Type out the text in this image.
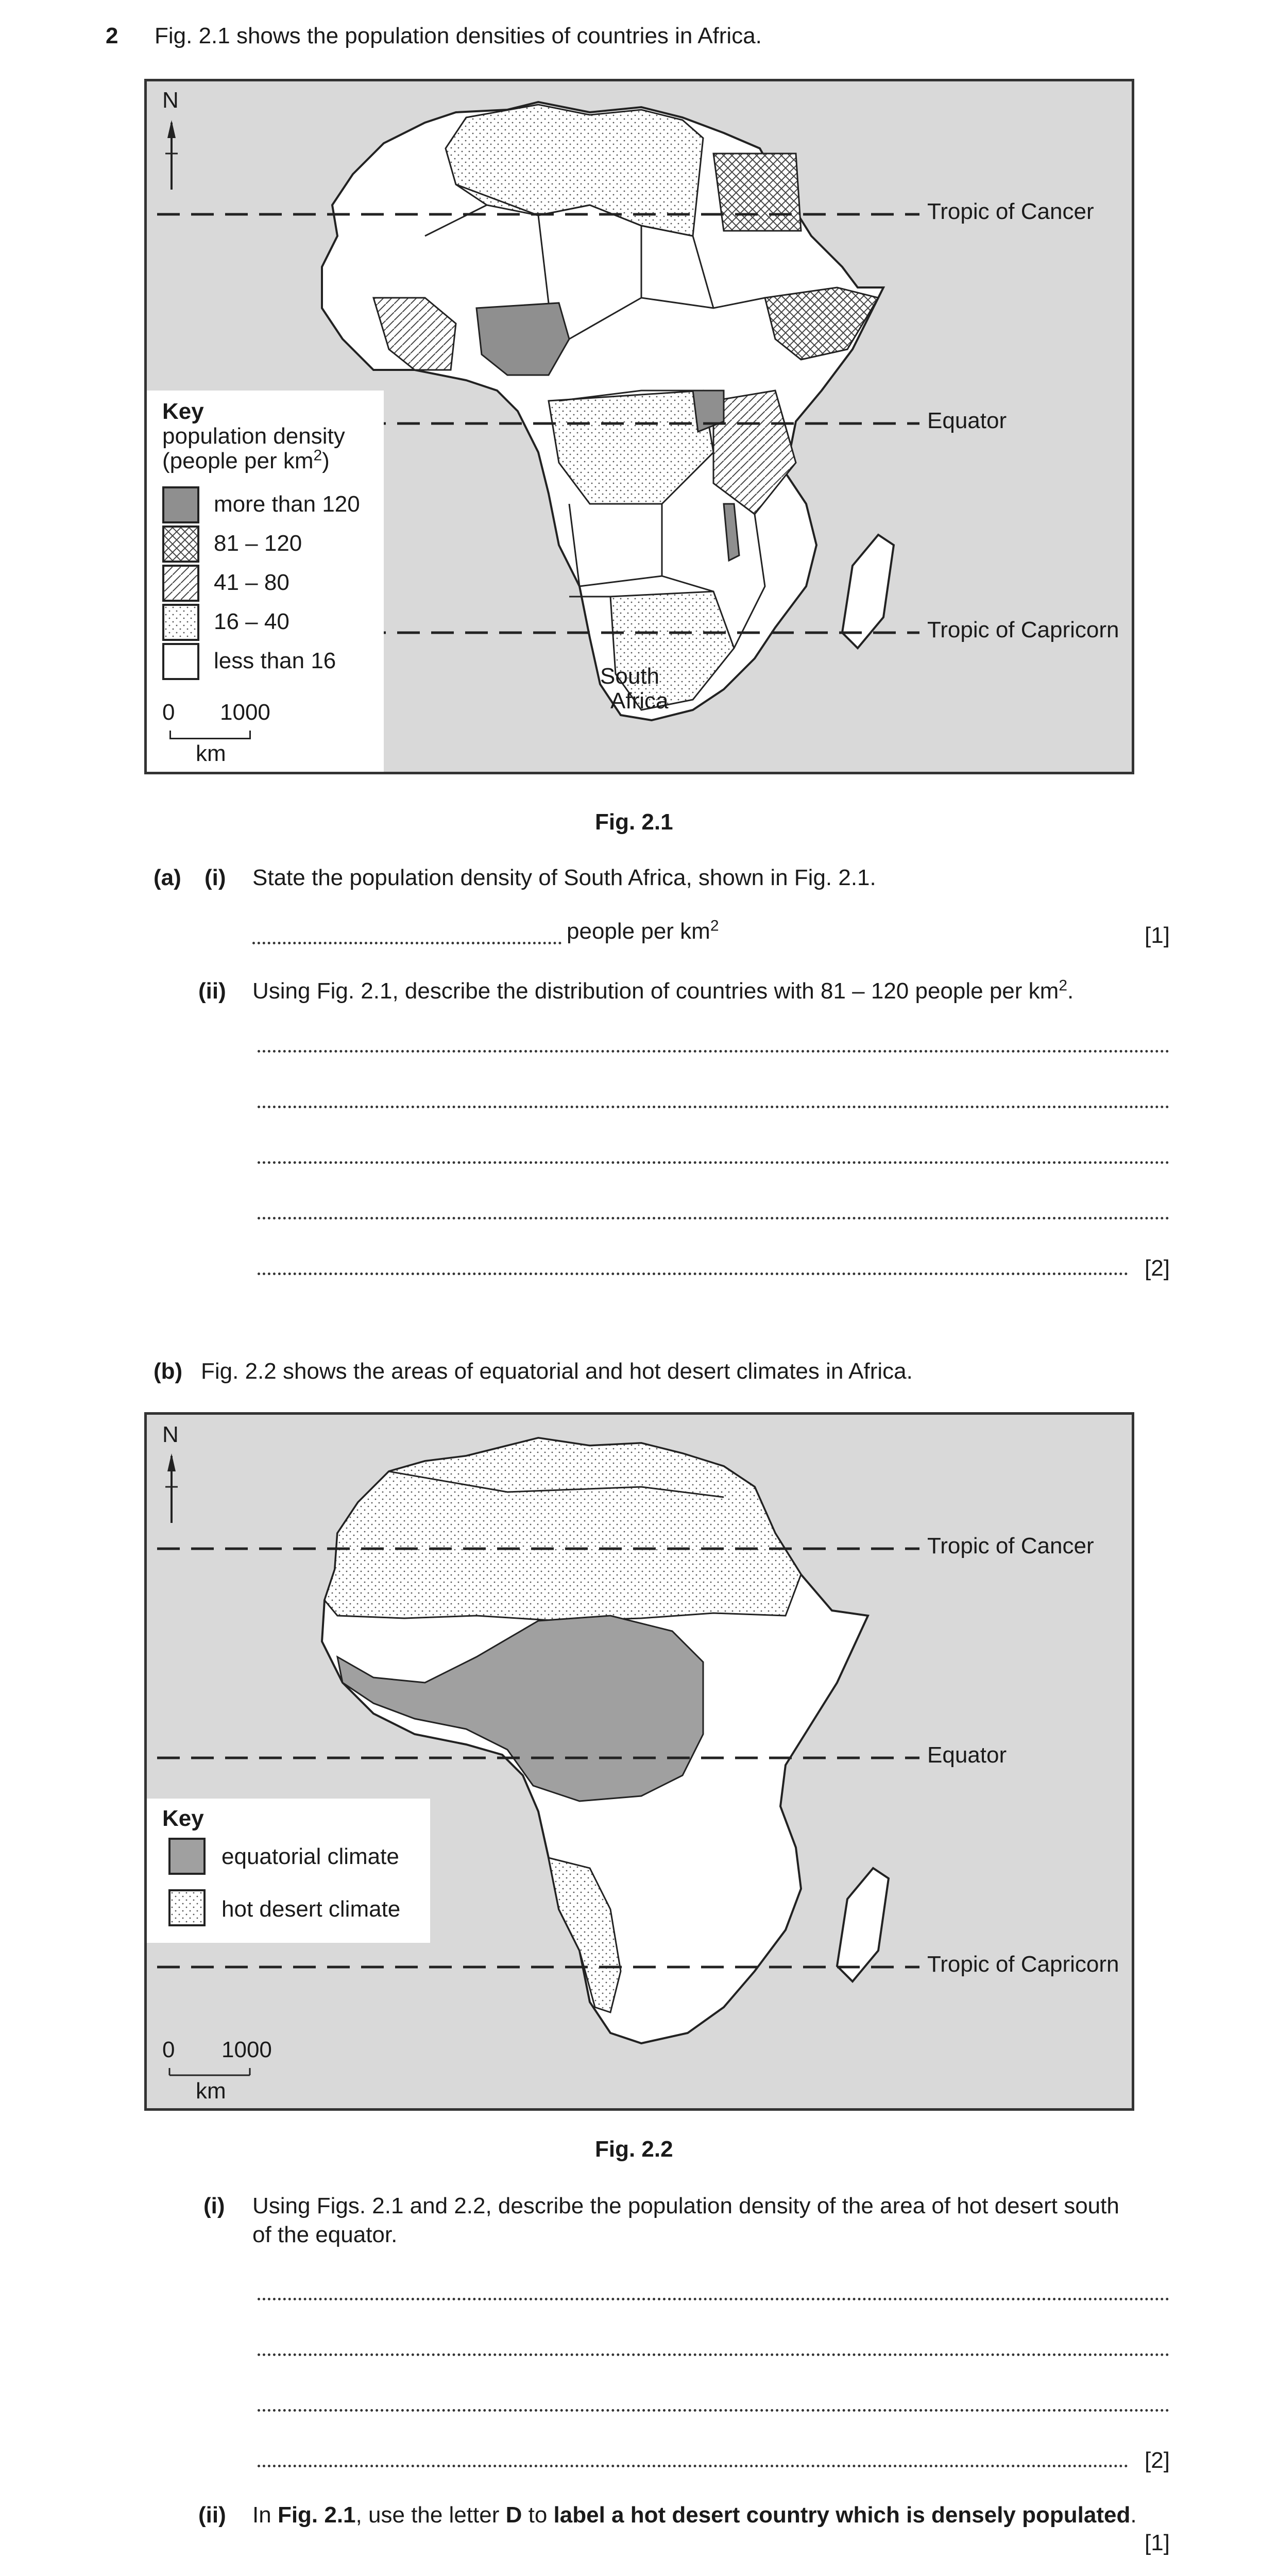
2 Fig. 2.1 shows the population densities of countries in Africa.
N
Tropic of Cancer
Equator
Tropic of Capricorn
South
Africa
Key
population density
(people per $km^2$)
more than 120
81 – 120
41 – 80
16 – 40
less than 16
0 1000
km
Fig. 2.1
(a) (i) State the population density of South Africa, shown in Fig. 2.1.
people per $km^2$	[1]
(ii) Using Fig. 2.1, describe the distribution of countries with 81 – 120 people per $km^2$.
[2]
(b) Fig. 2.2 shows the areas of equatorial and hot desert climates in Africa.
N
Tropic of Cancer
Equator
Tropic of Capricorn
Key
equatorial climate
hot desert climate
0 1000
km
Fig. 2.2
(i) Using Figs. 2.1 and 2.2, describe the population density of the area of hot desert south
of the equator.
[2]
(ii) In Fig. 2.1, use the letter D to label a hot desert country which is densely populated.
[1]
